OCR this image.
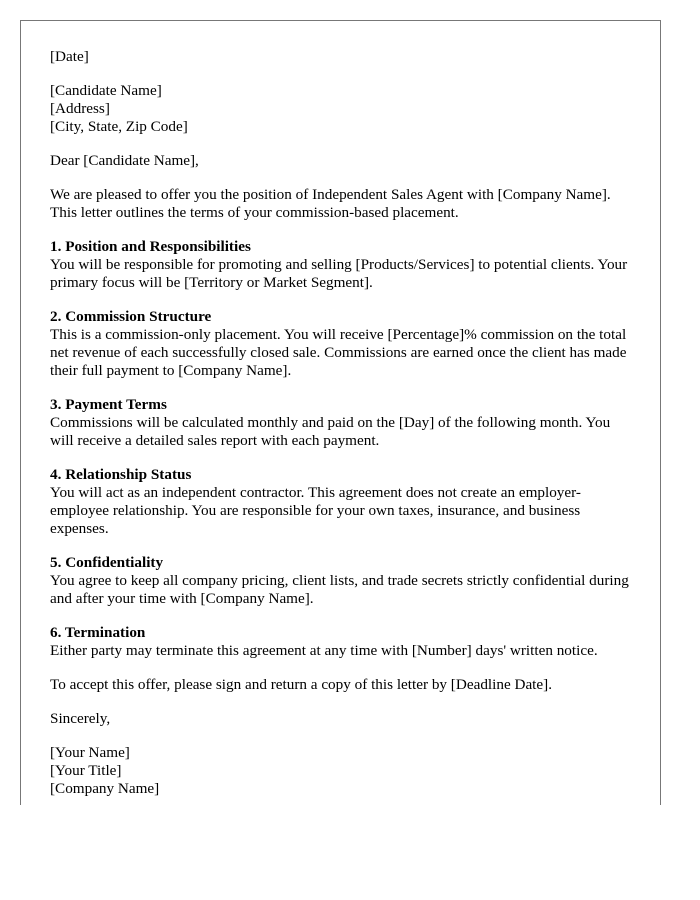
[Date]

[Candidate Name]
[Address]
[City, State, Zip Code]

Dear [Candidate Name],

We are pleased to offer you the position of Independent Sales Agent with [Company Name]. This letter outlines the terms of your commission-based placement.

1. Position and Responsibilities
You will be responsible for promoting and selling [Products/Services] to potential clients. Your primary focus will be [Territory or Market Segment].
2. Commission Structure
This is a commission-only placement. You will receive [Percentage]% commission on the total net revenue of each successfully closed sale. Commissions are earned once the client has made their full payment to [Company Name].
3. Payment Terms
Commissions will be calculated monthly and paid on the [Day] of the following month. You will receive a detailed sales report with each payment.
4. Relationship Status
You will act as an independent contractor. This agreement does not create an employer-employee relationship. You are responsible for your own taxes, insurance, and business expenses.
5. Confidentiality
You agree to keep all company pricing, client lists, and trade secrets strictly confidential during and after your time with [Company Name].
6. Termination
Either party may terminate this agreement at any time with [Number] days' written notice.

To accept this offer, please sign and return a copy of this letter by [Deadline Date].

Sincerely,

[Your Name]
[Your Title]
[Company Name]
